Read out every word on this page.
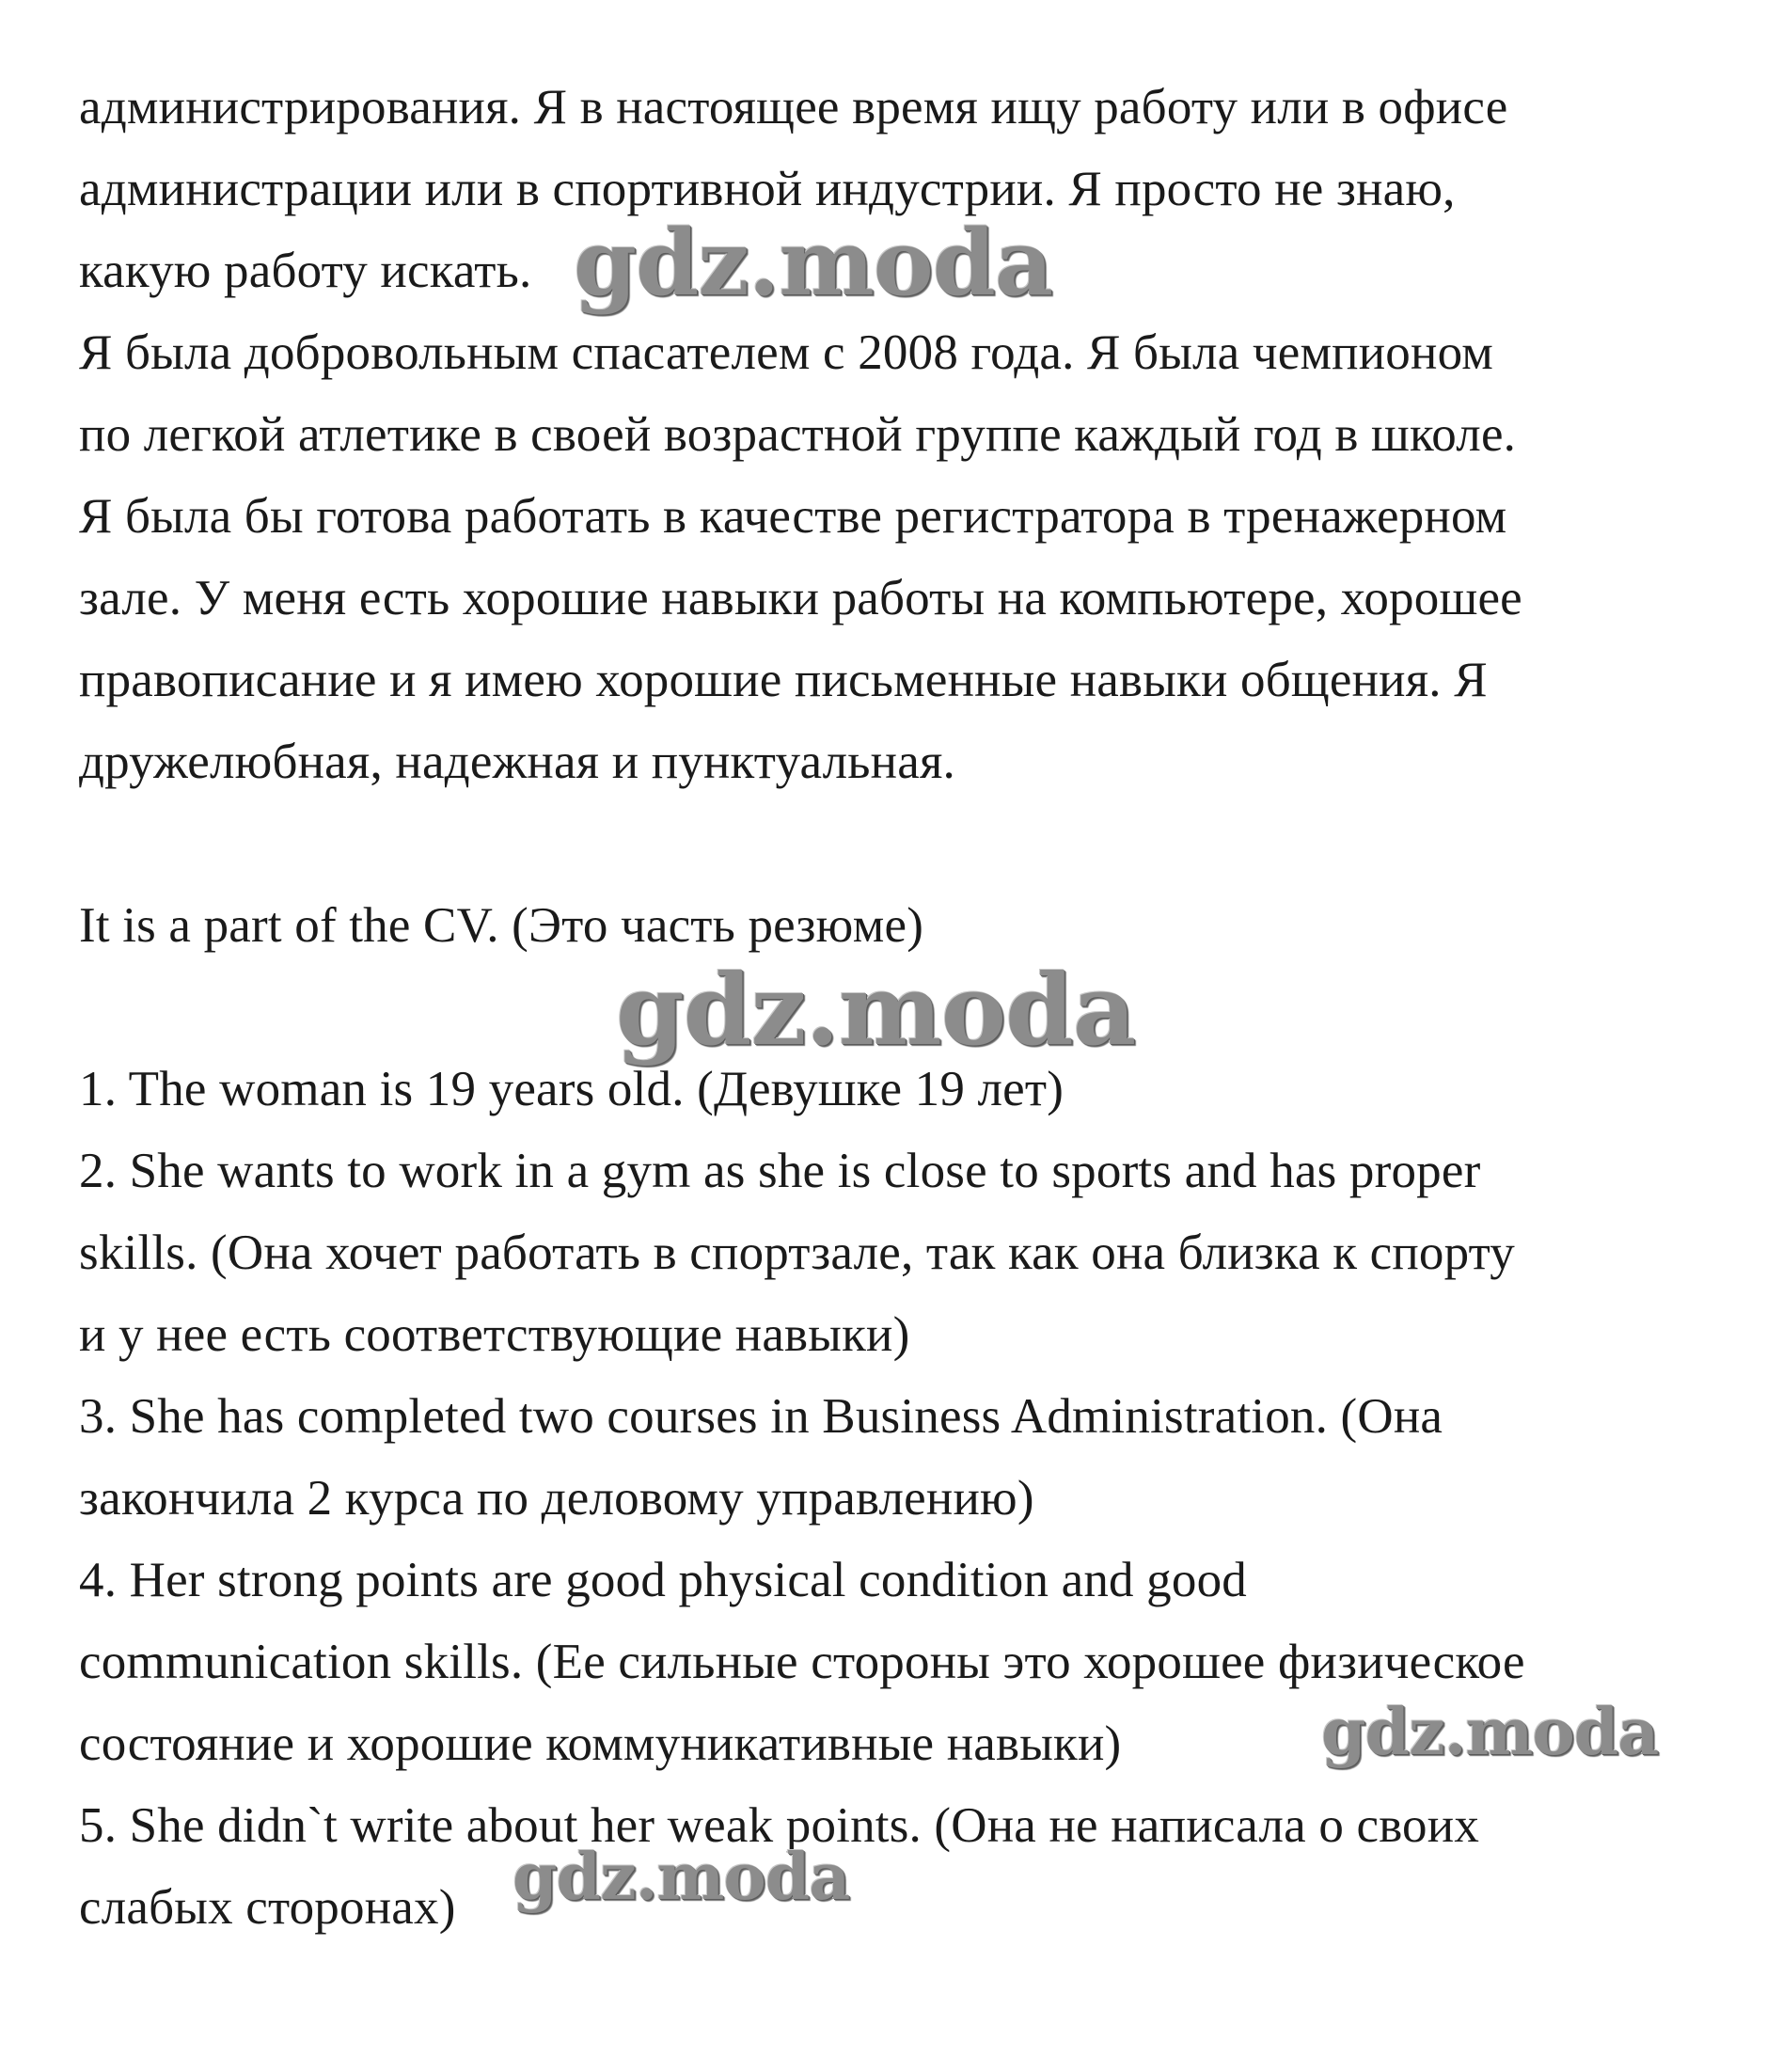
администрирования. Я в настоящее время ищу работу или в офисе
администрации или в спортивной индустрии. Я просто не знаю,
какую работу искать.
Я была добровольным спасателем с 2008 года. Я была чемпионом
по легкой атлетике в своей возрастной группе каждый год в школе.
Я была бы готова работать в качестве регистратора в тренажерном
зале. У меня есть хорошие навыки работы на компьютере, хорошее
правописание и я имею хорошие письменные навыки общения. Я
дружелюбная, надежная и пунктуальная.
It is a part of the CV. (Это часть резюме)
1. The woman is 19 years old. (Девушке 19 лет)
2. She wants to work in a gym as she is close to sports and has proper
skills. (Она хочет работать в спортзале, так как она близка к спорту
и у нее есть соответствующие навыки)
3. She has completed two courses in Business Administration. (Она
закончила 2 курса по деловому управлению)
4. Her strong points are good physical condition and good
communication skills. (Ее сильные стороны это хорошее физическое
состояние и хорошие коммуникативные навыки)
5. She didn`t write about her weak points. (Она не написала о своих
слабых сторонах)
gdz.moda
gdz.moda
gdz.moda
gdz.moda
